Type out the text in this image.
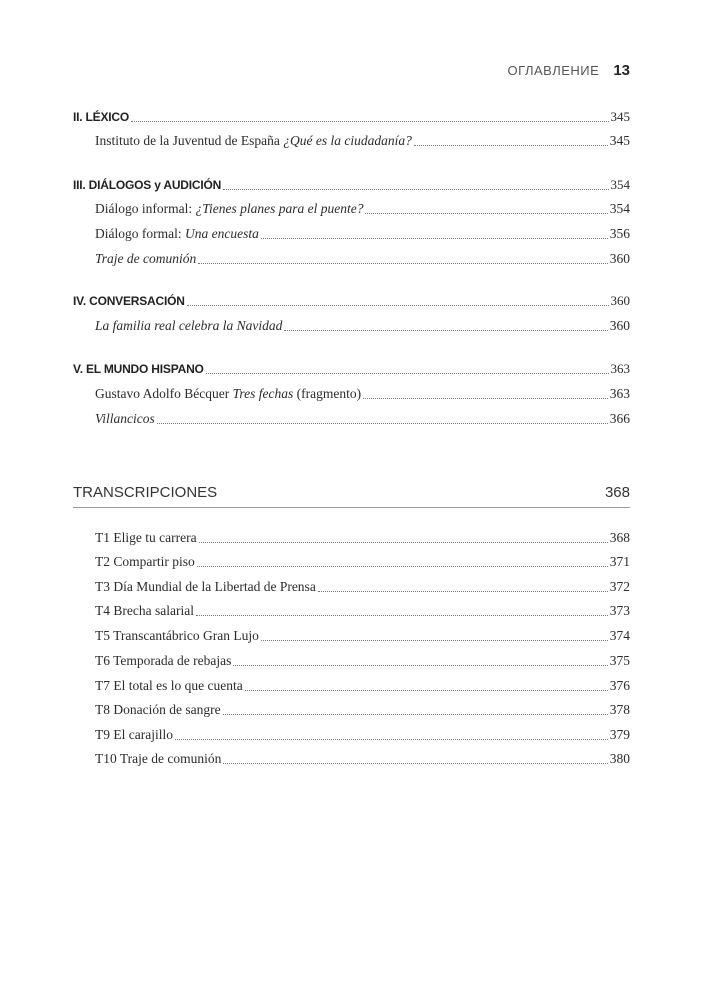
ОГЛАВЛЕНИЕ 13
II. LÉXICO	345
Instituto de la Juventud de España ¿Qué es la ciudadanía?	345
III. DIÁLOGOS y AUDICIÓN	354
Diálogo informal: ¿Tienes planes para el puente?	354
Diálogo formal: Una encuesta	356
Traje de comunión	360
IV. CONVERSACIÓN	360
La familia real celebra la Navidad	360
V. EL MUNDO HISPANO	363
Gustavo Adolfo Bécquer Tres fechas (fragmento)	363
Villancicos	366
TRANSCRIPCIONES	368
T1 Elige tu carrera	368
T2 Compartir piso	371
T3 Día Mundial de la Libertad de Prensa	372
T4 Brecha salarial	373
T5 Transcantábrico Gran Lujo	374
T6 Temporada de rebajas	375
T7 El total es lo que cuenta	376
T8 Donación de sangre	378
T9 El carajillo	379
T10 Traje de comunión	380
